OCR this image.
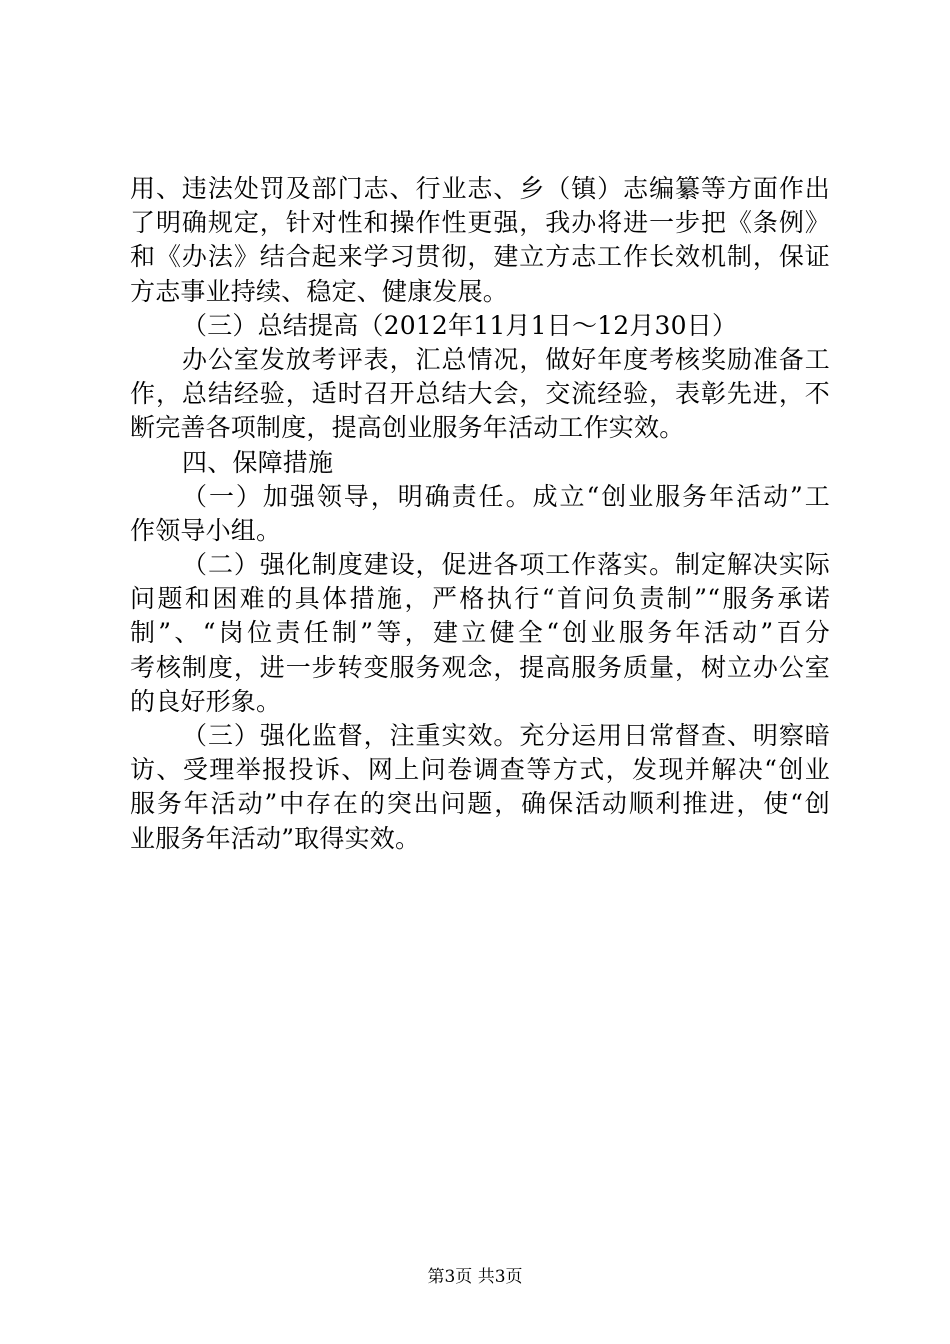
用、违法处罚及部门志、行业志、乡（镇）志编纂等方面作出
了明确规定，针对性和操作性更强，我办将进一步把《条例》
和《办法》结合起来学习贯彻，建立方志工作长效机制，保证
方志事业持续、稳定、健康发展。
（三）总结提高（2012年11月1日～12月30日）
办公室发放考评表，汇总情况，做好年度考核奖励准备工
作，总结经验，适时召开总结大会，交流经验，表彰先进，不
断完善各项制度，提高创业服务年活动工作实效。
四、保障措施
（一）加强领导，明确责任。成立“创业服务年活动”工
作领导小组。
（二）强化制度建设，促进各项工作落实。制定解决实际
问题和困难的具体措施，严格执行“首问负责制”“服务承诺
制”、“岗位责任制”等，建立健全“创业服务年活动”百分
考核制度，进一步转变服务观念，提高服务质量，树立办公室
的良好形象。
（三）强化监督，注重实效。充分运用日常督查、明察暗
访、受理举报投诉、网上问卷调查等方式，发现并解决“创业
服务年活动”中存在的突出问题，确保活动顺利推进，使“创
业服务年活动”取得实效。
第3页 共3页
